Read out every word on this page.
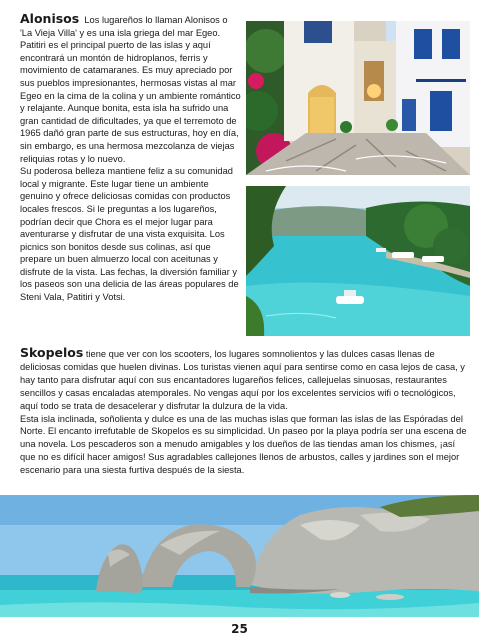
Alonisos Los lugareños lo llaman Alonisos o 'La Vieja Villa' y es una isla griega del mar Egeo. Patitiri es el principal puerto de las islas y aquí encontrará un montón de hidroplanos, ferris y movimiento de catamaranes. Es muy apreciado por sus pueblos impresionantes, hermosas vistas al mar Egeo en la cima de la colina y un ambiente romántico y relajante. Aunque bonita, esta isla ha sufrido una gran cantidad de dificultades, ya que el terremoto de 1965 dañó gran parte de sus estructuras, hoy en día, sin embargo, es una hermosa mezcolanza de viejas reliquias rotas y lo nuevo.

Su poderosa belleza mantiene feliz a su comunidad local y migrante. Este lugar tiene un ambiente genuino y ofrece deliciosas comidas con productos locales frescos. Si le preguntas a los lugareños, podrían decir que Chora es el mejor lugar para aventurarse y disfrutar de una vista exquisita. Los picnics son bonitos desde sus colinas, así que prepare un buen almuerzo local con aceitunas y disfrute de la vista. Las fechas, la diversión familiar y los paseos son una delicia de las áreas populares de Steni Vala, Patitiri y Votsi.

Skopelos tiene que ver con los scooters, los lugares somnolientos y las dulces casas llenas de deliciosas comidas que huelen divinas. Los turistas vienen aquí para sentirse como en casa lejos de casa, y hay tanto para disfrutar aquí con sus encantadores lugareños felices, callejuelas sinuosas, restaurantes sencillos y casas encaladas atemporales. No vengas aquí por los excelentes servicios wifi o tecnológicos, aquí todo se trata de desacelerar y disfrutar la dulzura de la vida.

Esta isla inclinada, soñolienta y dulce es una de las muchas islas que forman las islas de las Espóradas del Norte. El encanto irrefutable de Skopelos es su simplicidad. Un paseo por la playa podría ser una escena de una novela. Los pescaderos son a menudo amigables y los dueños de las tiendas aman los chismes, ¡así que no es difícil hacer amigos! Sus agradables callejones llenos de arbustos, calles y jardines son el mejor escenario para una siesta furtiva después de la siesta.

25
